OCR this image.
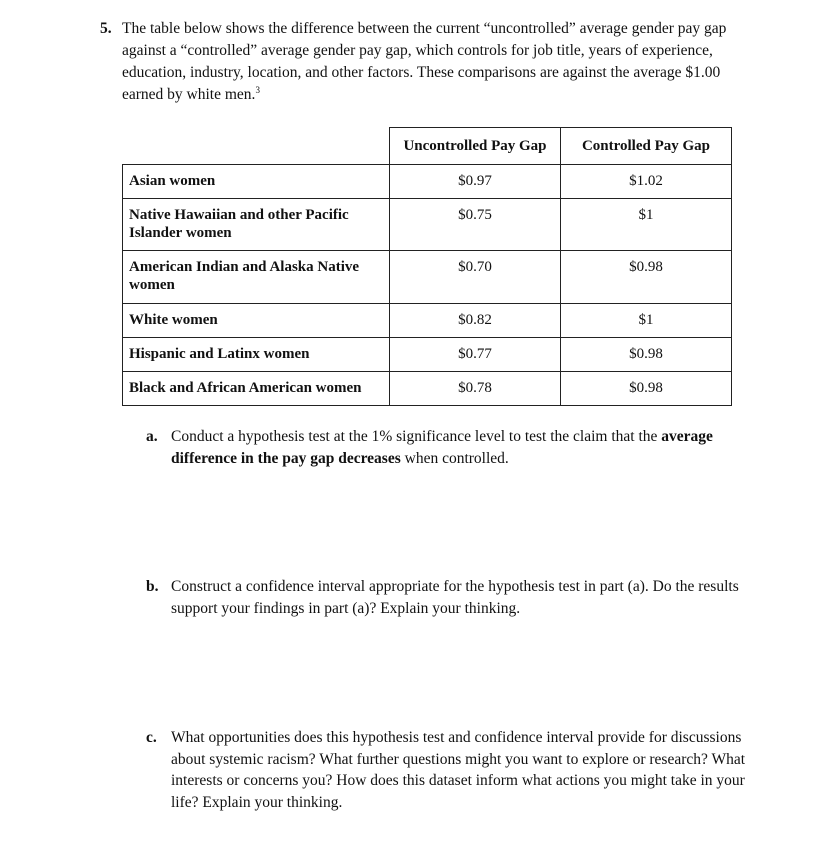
5. The table below shows the difference between the current “uncontrolled” average gender pay gap against a “controlled” average gender pay gap, which controls for job title, years of experience, education, industry, location, and other factors. These comparisons are against the average $1.00 earned by white men.$^3$
	Uncontrolled Pay Gap	Controlled Pay Gap
Asian women	$0.97	$1.02
Native Hawaiian and other Pacific Islander women	$0.75	$1
American Indian and Alaska Native women	$0.70	$0.98
White women	$0.82	$1
Hispanic and Latinx women	$0.77	$0.98
Black and African American women	$0.78	$0.98
a. Conduct a hypothesis test at the 1% significance level to test the claim that the average difference in the pay gap decreases when controlled.
b. Construct a confidence interval appropriate for the hypothesis test in part (a). Do the results support your findings in part (a)? Explain your thinking.
c. What opportunities does this hypothesis test and confidence interval provide for discussions about systemic racism? What further questions might you want to explore or research? What interests or concerns you? How does this dataset inform what actions you might take in your life? Explain your thinking.
